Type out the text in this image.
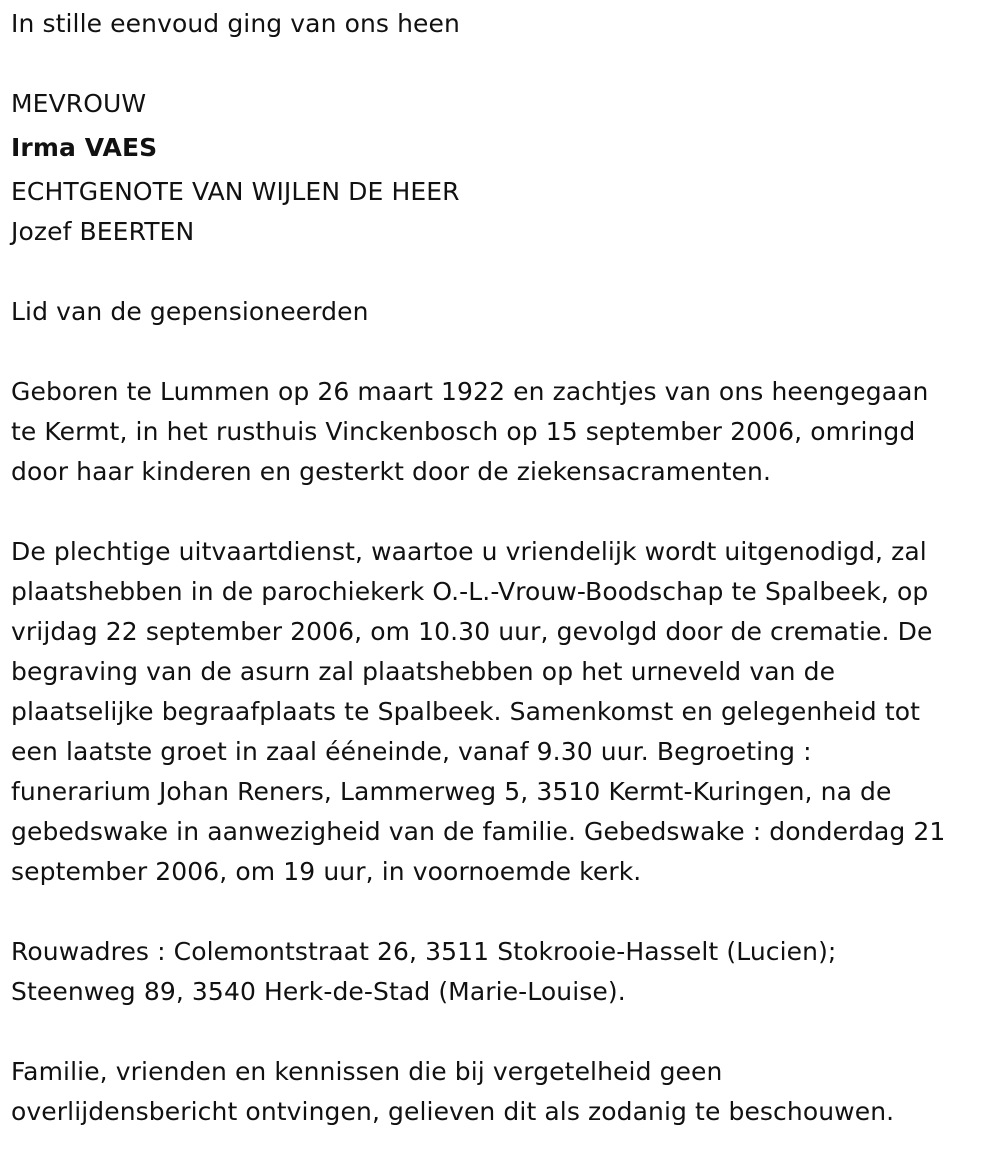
In stille eenvoud ging van ons heen
MEVROUW
Irma VAES
ECHTGENOTE VAN WIJLEN DE HEER
Jozef BEERTEN
Lid van de gepensioneerden
Geboren te Lummen op 26 maart 1922 en zachtjes van ons heengegaan
te Kermt, in het rusthuis Vinckenbosch op 15 september 2006, omringd
door haar kinderen en gesterkt door de ziekensacramenten.
De plechtige uitvaartdienst, waartoe u vriendelijk wordt uitgenodigd, zal
plaatshebben in de parochiekerk O.-L.-Vrouw-Boodschap te Spalbeek, op
vrijdag 22 september 2006, om 10.30 uur, gevolgd door de crematie. De
begraving van de asurn zal plaatshebben op het urneveld van de
plaatselijke begraafplaats te Spalbeek. Samenkomst en gelegenheid tot
een laatste groet in zaal ééneinde, vanaf 9.30 uur. Begroeting :
funerarium Johan Reners, Lammerweg 5, 3510 Kermt-Kuringen, na de
gebedswake in aanwezigheid van de familie. Gebedswake : donderdag 21
september 2006, om 19 uur, in voornoemde kerk.
Rouwadres : Colemontstraat 26, 3511 Stokrooie-Hasselt (Lucien);
Steenweg 89, 3540 Herk-de-Stad (Marie-Louise).
Familie, vrienden en kennissen die bij vergetelheid geen
overlijdensbericht ontvingen, gelieven dit als zodanig te beschouwen.
